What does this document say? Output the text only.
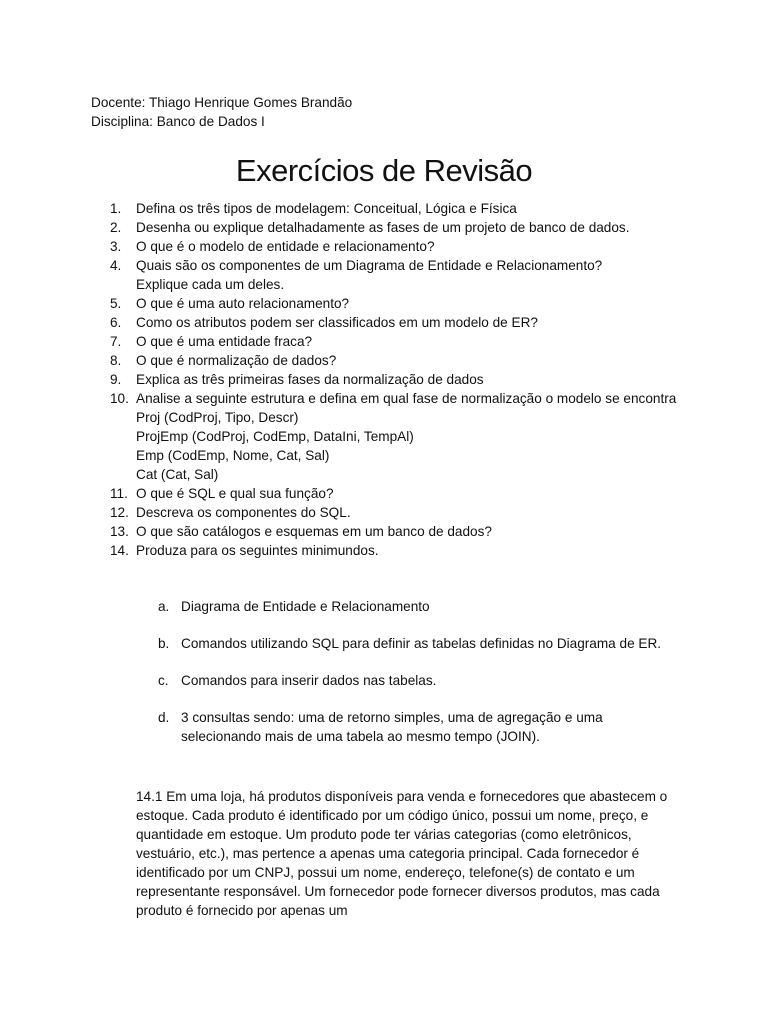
Docente: Thiago Henrique Gomes Brandão
Disciplina: Banco de Dados I
Exercícios de Revisão
1.	Defina os três tipos de modelagem: Conceitual, Lógica e Física
2.	Desenha ou explique detalhadamente as fases de um projeto de banco de dados.
3.	O que é o modelo de entidade e relacionamento?
4.	Quais são os componentes de um Diagrama de Entidade e Relacionamento?
Explique cada um deles.
5.	O que é uma auto relacionamento?
6.	Como os atributos podem ser classificados em um modelo de ER?
7.	O que é uma entidade fraca?
8.	O que é normalização de dados?
9.	Explica as três primeiras fases da normalização de dados
10. Analise a seguinte estrutura e defina em qual fase de normalização o modelo se encontra
Proj (CodProj, Tipo, Descr)
ProjEmp (CodProj, CodEmp, DataIni, TempAl)
Emp (CodEmp, Nome, Cat, Sal)
Cat (Cat, Sal)
11. O que é SQL e qual sua função?
12. Descreva os componentes do SQL.
13. O que são catálogos e esquemas em um banco de dados?
14. Produza para os seguintes minimundos.
a. Diagrama de Entidade e Relacionamento
b. Comandos utilizando SQL para definir as tabelas definidas no Diagrama de ER.
c. Comandos para inserir dados nas tabelas.
d. 3 consultas sendo: uma de retorno simples, uma de agregação e uma selecionando mais de uma tabela ao mesmo tempo (JOIN).
14.1 Em uma loja, há produtos disponíveis para venda e fornecedores que abastecem o estoque. Cada produto é identificado por um código único, possui um nome, preço, e quantidade em estoque. Um produto pode ter várias categorias (como eletrônicos, vestuário, etc.), mas pertence a apenas uma categoria principal. Cada fornecedor é identificado por um CNPJ, possui um nome, endereço, telefone(s) de contato e um representante responsável. Um fornecedor pode fornecer diversos produtos, mas cada produto é fornecido por apenas um
